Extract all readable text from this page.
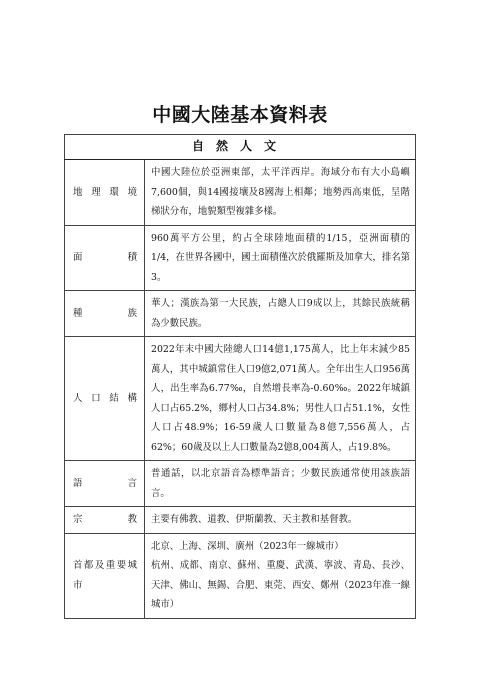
中國大陸基本資料表
自然人文	
地理環境	中國大陸位於亞洲東部，太平洋西岸。海域分布有大小島嶼7,600個，與14國接壤及8國海上相鄰；地勢西高東低，呈階梯狀分布，地貌類型複雜多樣。
面積	960萬平方公里，約占全球陸地面積的1/15，亞洲面積的1/4，在世界各國中，國土面積僅次於俄羅斯及加拿大，排名第3。
種族	華人；漢族為第一大民族，占總人口9成以上，其餘民族統稱為少數民族。
人口結構	2022年末中國大陸總人口14億1,175萬人，比上年末減少85萬人，其中城鎮常住人口9億2,071萬人。全年出生人口956萬人，出生率為6.77‰，自然增長率為-0.60‰。2022年城鎮人口占65.2%，鄉村人口占34.8%；男性人口占51.1%，女性人口占48.9%；16-59歲人口數量為8億7,556萬人，占62%；60歲及以上人口數量為2億8,004萬人，占19.8%。
語言	普通話，以北京語音為標準語音；少數民族通常使用該族語言。
宗教	主要有佛教、道教、伊斯蘭教、天主教和基督教。
首都及重要城市	北京、上海、深圳、廣州（2023年一線城市）
杭州、成都、南京、蘇州、重慶、武漢、寧波、青島、長沙、天津、佛山、無錫、合肥、東莞、西安、鄭州（2023年准一線城市）
